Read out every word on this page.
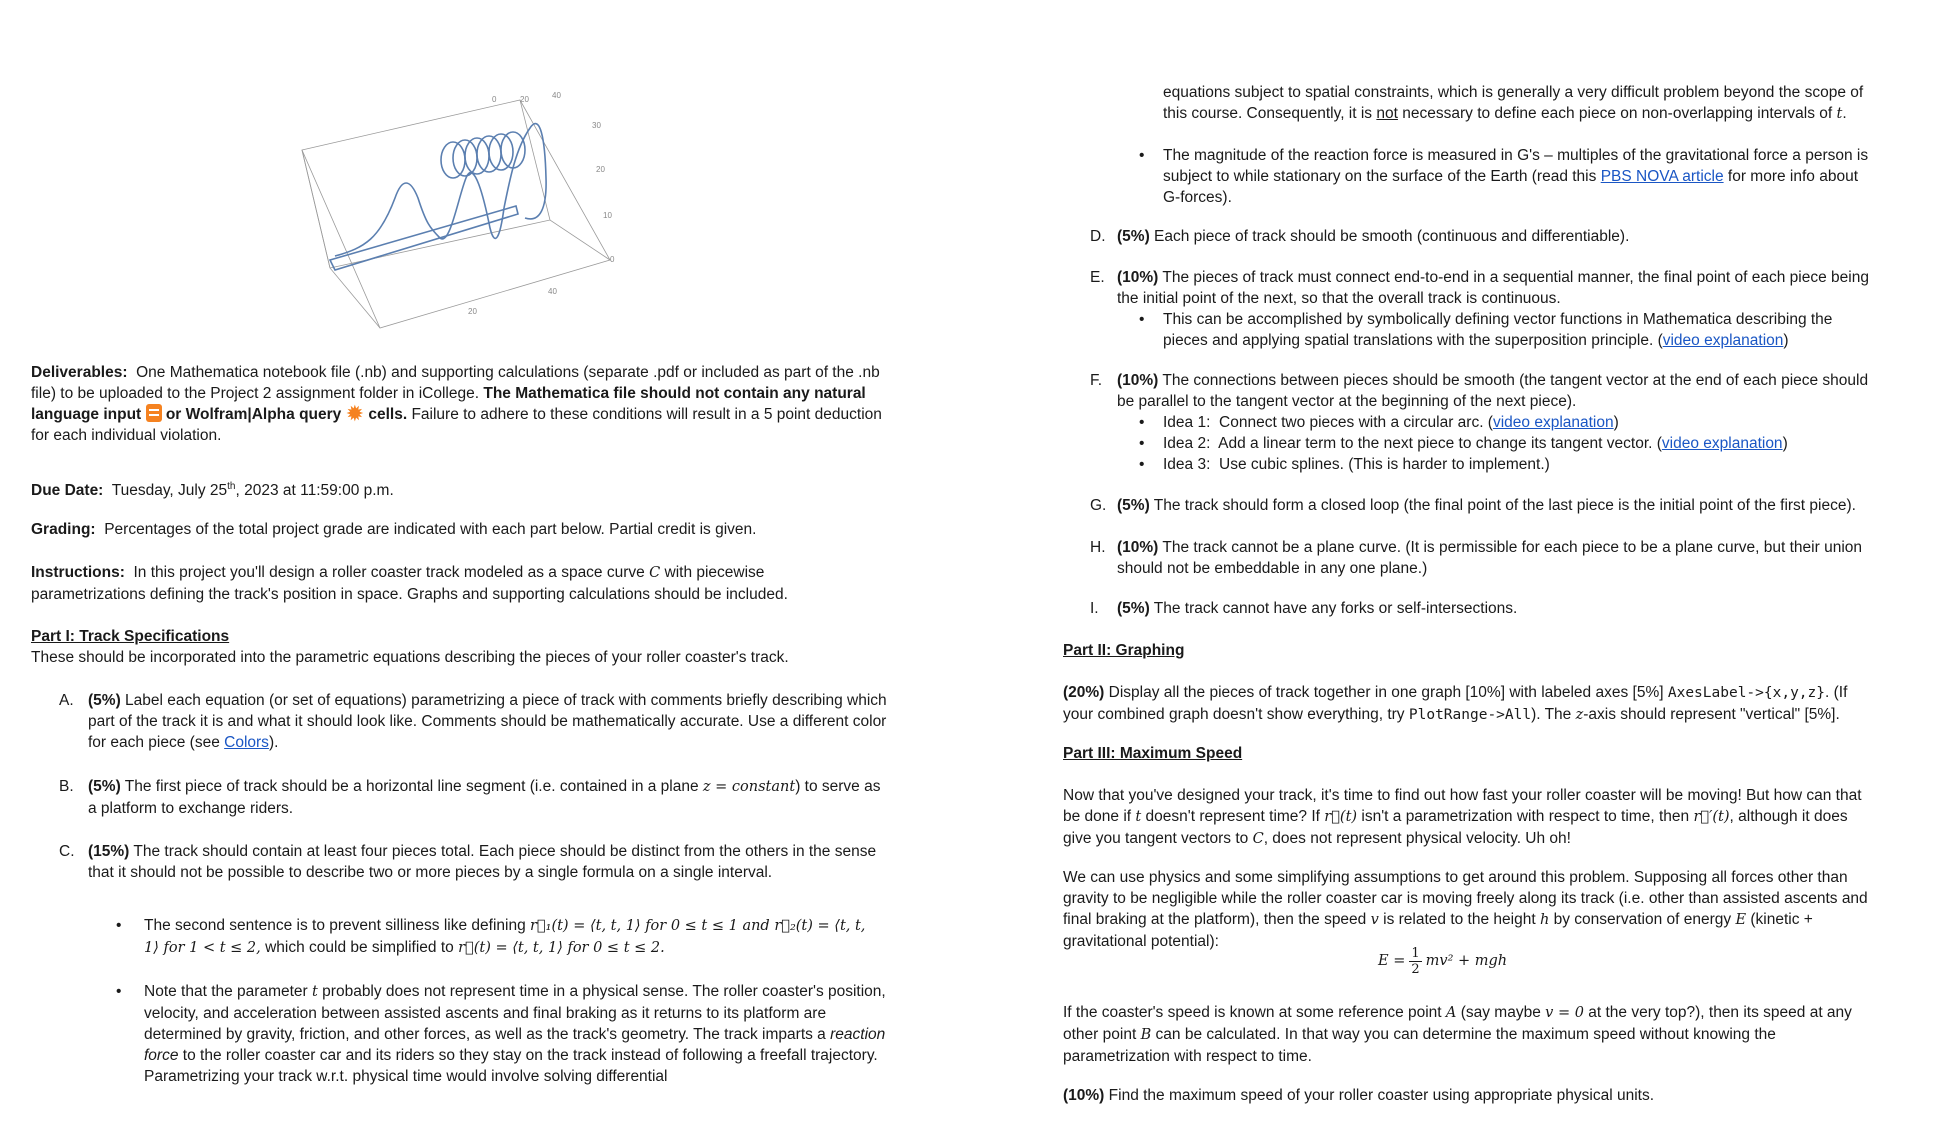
0	20	40
30
20
10
0
40
20

Deliverables: One Mathematica notebook file (.nb) and supporting calculations (separate .pdf or included as part of the .nb file) to be uploaded to the Project 2 assignment folder in iCollege. The Mathematica file should not contain any natural language input or Wolfram|Alpha query ✹ cells. Failure to adhere to these conditions will result in a 5 point deduction for each individual violation.

Due Date: Tuesday, July 25th, 2023 at 11:59:00 p.m.
Grading: Percentages of the total project grade are indicated with each part below. Partial credit is given.
Instructions: In this project you'll design a roller coaster track modeled as a space curve C with piecewise parametrizations defining the track's position in space. Graphs and supporting calculations should be included.
Part I: Track Specifications
These should be incorporated into the parametric equations describing the pieces of your roller coaster's track.
A. (5%) Label each equation (or set of equations) parametrizing a piece of track with comments briefly describing which part of the track it is and what it should look like. Comments should be mathematically accurate. Use a different color for each piece (see Colors).
B. (5%) The first piece of track should be a horizontal line segment (i.e. contained in a plane z = constant) to serve as a platform to exchange riders.
C. (15%) The track should contain at least four pieces total. Each piece should be distinct from the others in the sense that it should not be possible to describe two or more pieces by a single formula on a single interval.
• The second sentence is to prevent silliness like defining r⃗₁(t) = ⟨t, t, 1⟩ for 0 ≤ t ≤ 1 and r⃗₂(t) = ⟨t, t, 1⟩ for 1 < t ≤ 2, which could be simplified to r⃗(t) = ⟨t, t, 1⟩ for 0 ≤ t ≤ 2.
• Note that the parameter t probably does not represent time in a physical sense. The roller coaster's position, velocity, and acceleration between assisted ascents and final braking as it returns to its platform are determined by gravity, friction, and other forces, as well as the track's geometry. The track imparts a reaction force to the roller coaster car and its riders so they stay on the track instead of following a freefall trajectory. Parametrizing your track w.r.t. physical time would involve solving differential
equations subject to spatial constraints, which is generally a very difficult problem beyond the scope of this course. Consequently, it is not necessary to define each piece on non-overlapping intervals of t.
• The magnitude of the reaction force is measured in G's – multiples of the gravitational force a person is subject to while stationary on the surface of the Earth (read this PBS NOVA article for more info about G-forces).
D. (5%) Each piece of track should be smooth (continuous and differentiable).
E. (10%) The pieces of track must connect end-to-end in a sequential manner, the final point of each piece being the initial point of the next, so that the overall track is continuous.
• This can be accomplished by symbolically defining vector functions in Mathematica describing the pieces and applying spatial translations with the superposition principle. (video explanation)
F. (10%) The connections between pieces should be smooth (the tangent vector at the end of each piece should be parallel to the tangent vector at the beginning of the next piece).
• Idea 1: Connect two pieces with a circular arc. (video explanation)
• Idea 2: Add a linear term to the next piece to change its tangent vector. (video explanation)
• Idea 3: Use cubic splines. (This is harder to implement.)
G. (5%) The track should form a closed loop (the final point of the last piece is the initial point of the first piece).
H. (10%) The track cannot be a plane curve. (It is permissible for each piece to be a plane curve, but their union should not be embeddable in any one plane.)
I. (5%) The track cannot have any forks or self-intersections.
Part II: Graphing
(20%) Display all the pieces of track together in one graph [10%] with labeled axes [5%] AxesLabel->{x,y,z}. (If your combined graph doesn't show everything, try PlotRange->All). The z-axis should represent "vertical" [5%].
Part III: Maximum Speed
Now that you've designed your track, it's time to find out how fast your roller coaster will be moving! But how can that be done if t doesn't represent time? If r⃗(t) isn't a parametrization with respect to time, then r⃗′(t), although it does give you tangent vectors to C, does not represent physical velocity. Uh oh!
We can use physics and some simplifying assumptions to get around this problem. Supposing all forces other than gravity to be negligible while the roller coaster car is moving freely along its track (i.e. other than assisted ascents and final braking at the platform), then the speed v is related to the height h by conservation of energy E (kinetic + gravitational potential):
$E = \frac{1}{2} mv^2$ + mgh
If the coaster's speed is known at some reference point A (say maybe v = 0 at the very top?), then its speed at any other point B can be calculated. In that way you can determine the maximum speed without knowing the parametrization with respect to time.
(10%) Find the maximum speed of your roller coaster using appropriate physical units.
